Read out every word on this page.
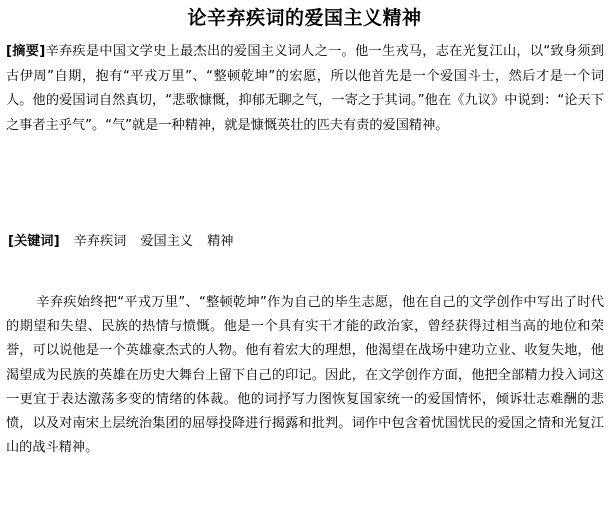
论辛弃疾词的爱国主义精神

[摘要]辛弃疾是中国文学史上最杰出的爱国主义词人之一。他一生戎马，志在光复江山，以“致身须到古伊周”自期，抱有“平戎万里”、“整顿乾坤”的宏愿，所以他首先是一个爱国斗士，然后才是一个词人。他的爱国词自然真切，“悲歌慷慨，抑郁无聊之气，一寄之于其词。”他在《九议》中说到：“论天下之事者主乎气”。“气”就是一种精神，就是慷慨英壮的匹夫有责的爱国精神。

[关键词] 辛弃疾词 爱国主义 精神

辛弃疾始终把“平戎万里”、“整顿乾坤”作为自己的毕生志愿，他在自己的文学创作中写出了时代的期望和失望、民族的热情与愤慨。他是一个具有实干才能的政治家，曾经获得过相当高的地位和荣誉，可以说他是一个英雄豪杰式的人物。他有着宏大的理想，他渴望在战场中建功立业、收复失地，他渴望成为民族的英雄在历史大舞台上留下自己的印记。因此，在文学创作方面，他把全部精力投入词这一更宜于表达激荡多变的情绪的体裁。他的词抒写力图恢复国家统一的爱国情怀，倾诉壮志难酬的悲愤，以及对南宋上层统治集团的屈辱投降进行揭露和批判。词作中包含着忧国忧民的爱国之情和光复江山的战斗精神。
